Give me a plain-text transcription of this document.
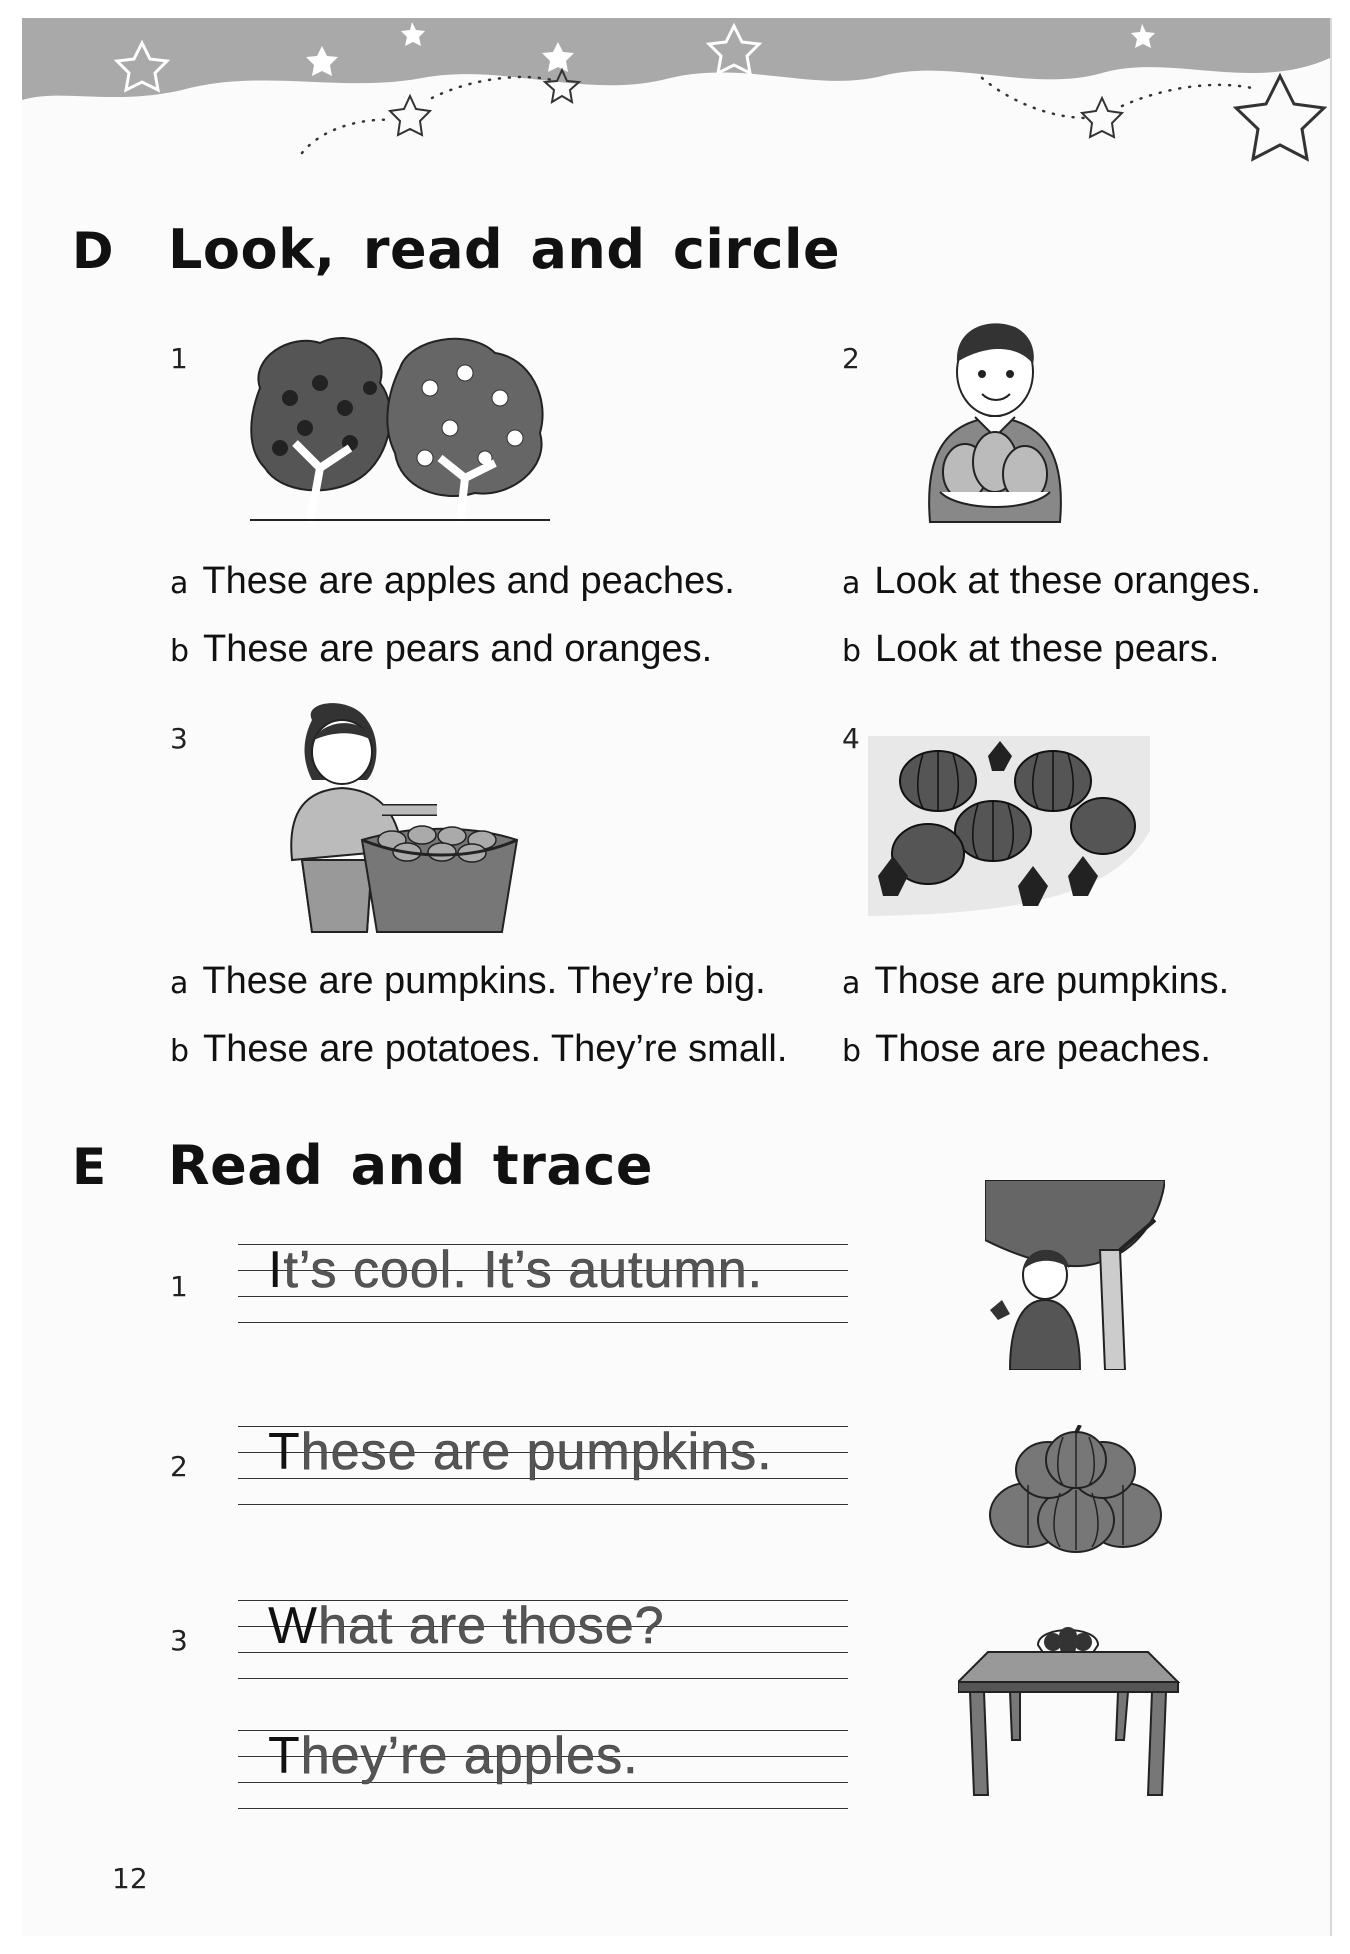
D Look, read and circle
1
a These are apples and peaches.
b These are pears and oranges.
2
a Look at these oranges.
b Look at these pears.
3
a These are pumpkins. They’re big.
b These are potatoes. They’re small.
4
a Those are pumpkins.
b Those are peaches.
E Read and trace
1 It’s cool. It’s autumn.
2 These are pumpkins.
3 What are those?
They’re apples.
12
